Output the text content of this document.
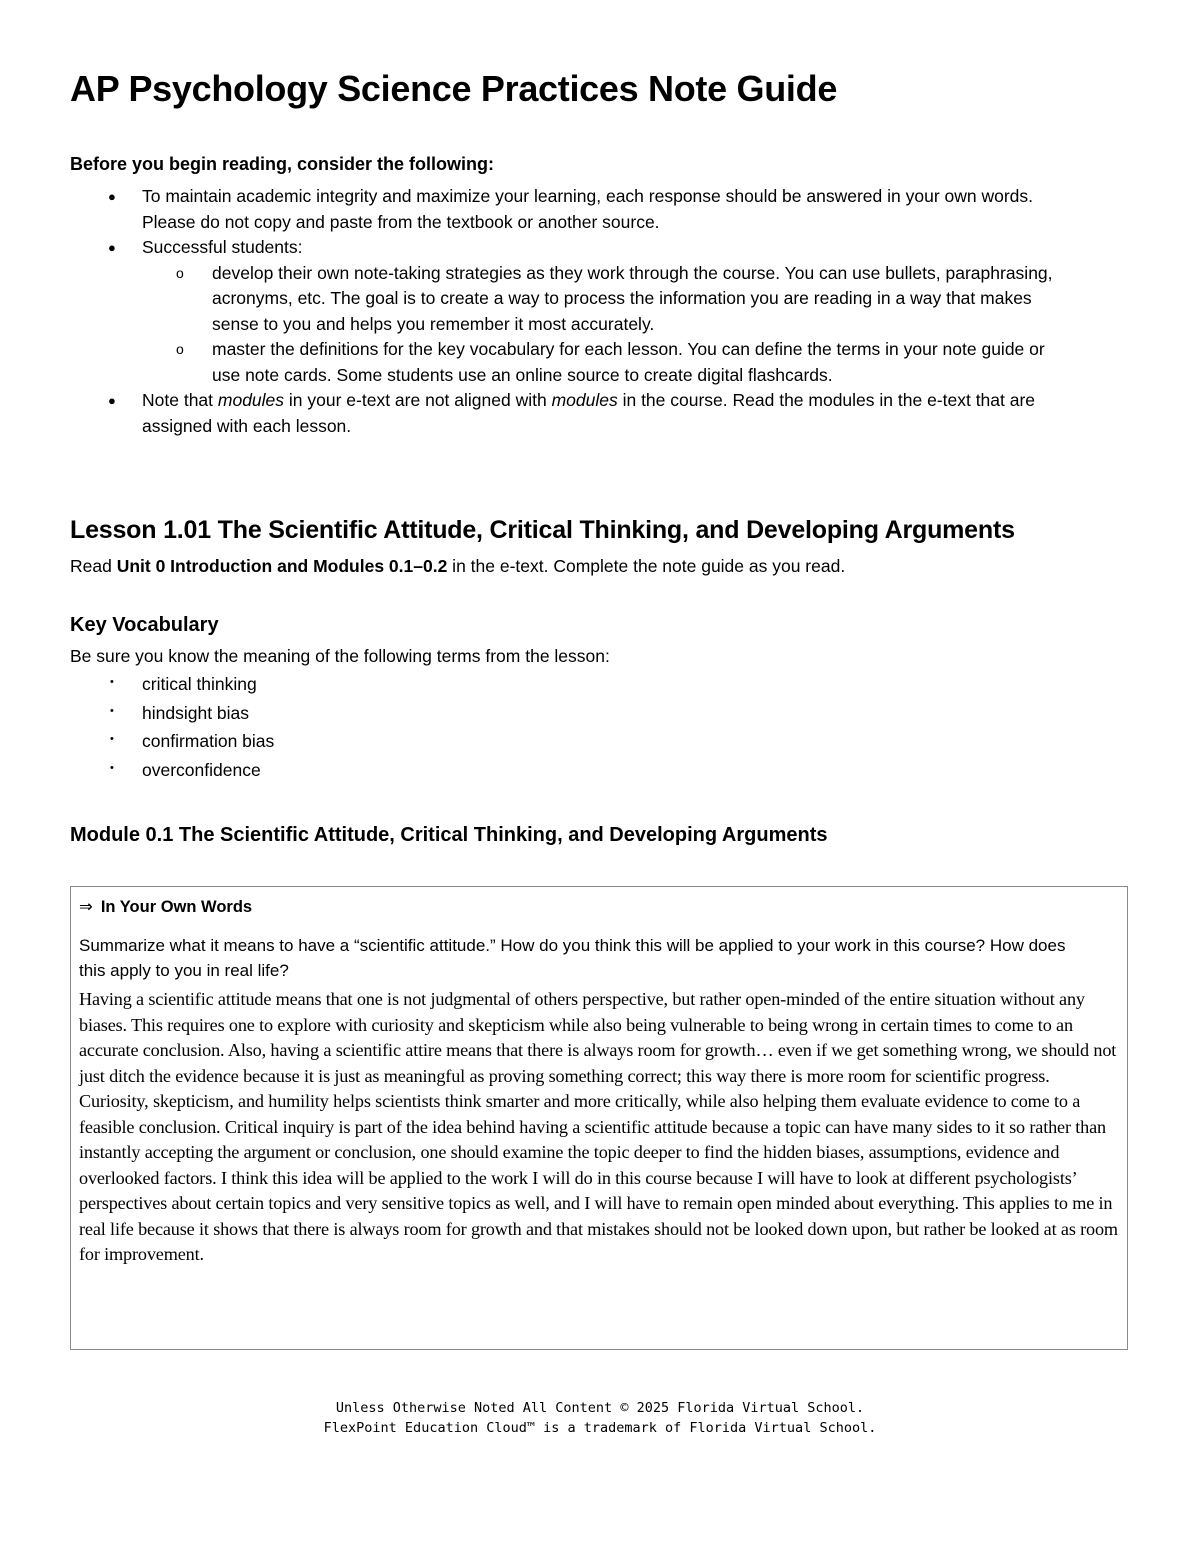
AP Psychology Science Practices Note Guide
Before you begin reading, consider the following:
● To maintain academic integrity and maximize your learning, each response should be answered in your own words. Please do not copy and paste from the textbook or another source.
● Successful students:
o develop their own note-taking strategies as they work through the course. You can use bullets, paraphrasing, acronyms, etc. The goal is to create a way to process the information you are reading in a way that makes sense to you and helps you remember it most accurately.
o master the definitions for the key vocabulary for each lesson. You can define the terms in your note guide or use note cards. Some students use an online source to create digital flashcards.
● Note that modules in your e-text are not aligned with modules in the course. Read the modules in the e-text that are assigned with each lesson.
Lesson 1.01 The Scientific Attitude, Critical Thinking, and Developing Arguments
Read Unit 0 Introduction and Modules 0.1–0.2 in the e-text. Complete the note guide as you read.
Key Vocabulary
Be sure you know the meaning of the following terms from the lesson:
• critical thinking
• hindsight bias
• confirmation bias
• overconfidence
Module 0.1 The Scientific Attitude, Critical Thinking, and Developing Arguments
⇒ In Your Own Words
Summarize what it means to have a “scientific attitude.” How do you think this will be applied to your work in this course? How does this apply to you in real life?
Having a scientific attitude means that one is not judgmental of others perspective, but rather open-minded of the entire situation without any biases. This requires one to explore with curiosity and skepticism while also being vulnerable to being wrong in certain times to come to an accurate conclusion. Also, having a scientific attire means that there is always room for growth… even if we get something wrong, we should not just ditch the evidence because it is just as meaningful as proving something correct; this way there is more room for scientific progress. Curiosity, skepticism, and humility helps scientists think smarter and more critically, while also helping them evaluate evidence to come to a feasible conclusion. Critical inquiry is part of the idea behind having a scientific attitude because a topic can have many sides to it so rather than instantly accepting the argument or conclusion, one should examine the topic deeper to find the hidden biases, assumptions, evidence and overlooked factors. I think this idea will be applied to the work I will do in this course because I will have to look at different psychologists’ perspectives about certain topics and very sensitive topics as well, and I will have to remain open minded about everything. This applies to me in real life because it shows that there is always room for growth and that mistakes should not be looked down upon, but rather be looked at as room for improvement.
Unless Otherwise Noted All Content © 2025 Florida Virtual School.
FlexPoint Education Cloud™ is a trademark of Florida Virtual School.
